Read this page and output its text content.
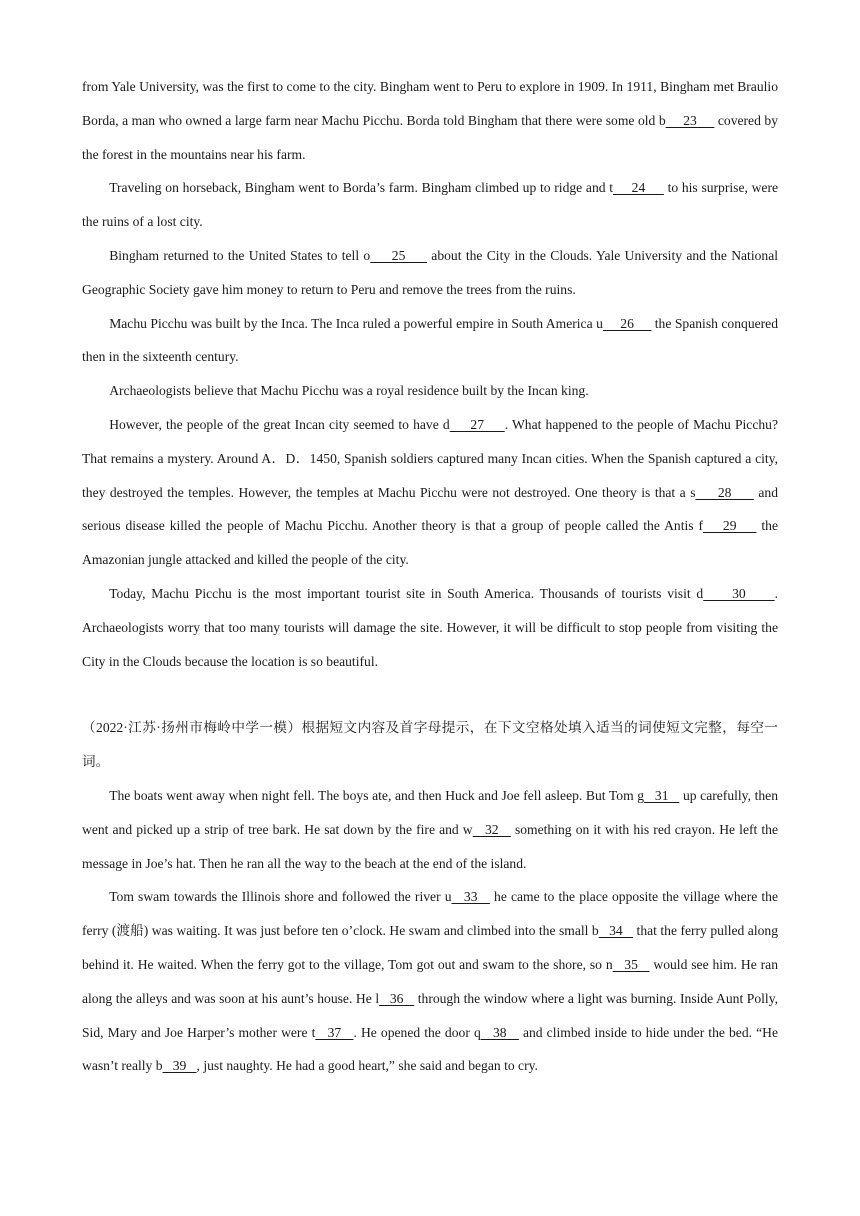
from Yale University, was the first to come to the city. Bingham went to Peru to explore in 1909. In 1911, Bingham met Braulio Borda, a man who owned a large farm near Machu Picchu. Borda told Bingham that there were some old b     23      covered by the forest in the mountains near his farm.

Traveling on horseback, Bingham went to Borda’s farm. Bingham climbed up to ridge and t     24      to his surprise, were the ruins of a lost city.

Bingham returned to the United States to tell o     25      about the City in the Clouds. Yale University and the National Geographic Society gave him money to return to Peru and remove the trees from the ruins.

Machu Picchu was built by the Inca. The Inca ruled a powerful empire in South America u     26      the Spanish conquered then in the sixteenth century.

Archaeologists believe that Machu Picchu was a royal residence built by the Incan king.

However, the people of the great Incan city seemed to have d     27     . What happened to the people of Machu Picchu? That remains a mystery. Around A．D．1450, Spanish soldiers captured many Incan cities. When the Spanish captured a city, they destroyed the temples. However, the temples at Machu Picchu were not destroyed. One theory is that a s     28      and serious disease killed the people of Machu Picchu. Another theory is that a group of people called the Antis f    29     the Amazonian jungle attacked and killed the people of the city.

Today, Machu Picchu is the most important tourist site in South America. Thousands of tourists visit d     30     . Archaeologists worry that too many tourists will damage the site. However, it will be difficult to stop people from visiting the City in the Clouds because the location is so beautiful.

（2022·江苏·扬州市梅岭中学一模）根据短文内容及首字母提示，在下文空格处填入适当的词使短文完整，每空一词。

The boats went away when night fell. The boys ate, and then Huck and Joe fell asleep. But Tom g   31    up carefully, then went and picked up a strip of tree bark. He sat down by the fire and w   32    something on it with his red crayon. He left the message in Joe’s hat. Then he ran all the way to the beach at the end of the island.

Tom swam towards the Illinois shore and followed the river u   33    he came to the place opposite the village where the ferry (渡船) was waiting. It was just before ten o’clock. He swam and climbed into the small b   34    that the ferry pulled along behind it. He waited. When the ferry got to the village, Tom got out and swam to the shore, so n   35    would see him. He ran along the alleys and was soon at his aunt’s house. He l   36    through the window where a light was burning. Inside Aunt Polly, Sid, Mary and Joe Harper’s mother were t   37   . He opened the door q   38    and climbed inside to hide under the bed. “He wasn’t really b   39   , just naughty. He had a good heart,” she said and began to cry.
